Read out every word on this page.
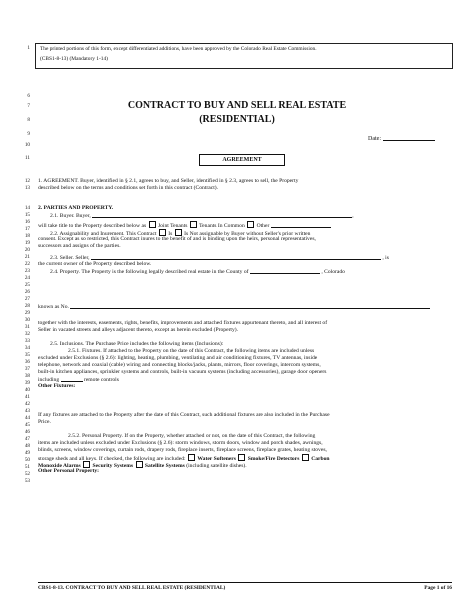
1
6
7
8
9
10
11
12
13
14
15
16
17
18
19
20
21
22
23
24
25
26
27
28
29
30
31
32
33
34
35
36
37
38
39
40
41
42
43
44
45
46
47
48
49
50
51
52
53
The printed portions of this form, except differentiated additions, have been approved by the Colorado Real Estate Commission.
(CBS1-8-13) (Mandatory 1-14)
CONTRACT TO BUY AND SELL REAL ESTATE
(RESIDENTIAL)
Date:
AGREEMENT
1. AGREEMENT. Buyer, identified in § 2.1, agrees to buy, and Seller, identified in § 2.3, agrees to sell, the Property
described below on the terms and conditions set forth in this contract (Contract).
2. PARTIES AND PROPERTY.
2.1. Buyer. Buyer,	,
will take title to the Property described below as Joint Tenants Tenants In Common Other
2.2. Assignability and Inurement. This Contract Is Is Not assignable by Buyer without Seller's prior written
consent. Except as so restricted, this Contract inures to the benefit of and is binding upon the heirs, personal representatives,
successors and assigns of the parties.
2.3. Seller. Seller,	, is
the current owner of the Property described below.
2.4. Property. The Property is the following legally described real estate in the County of	, Colorado
known as No.
together with the interests, easements, rights, benefits, improvements and attached fixtures appurtenant thereto, and all interest of
Seller in vacated streets and alleys adjacent thereto, except as herein excluded (Property).
2.5. Inclusions. The Purchase Price includes the following items (Inclusions):
2.5.1. Fixtures. If attached to the Property on the date of this Contract, the following items are included unless
excluded under Exclusions (§ 2.6): lighting, heating, plumbing, ventilating and air conditioning fixtures, TV antennas, inside
telephone, network and coaxial (cable) wiring and connecting blocks/jacks, plants, mirrors, floor coverings, intercom systems,
built-in kitchen appliances, sprinkler systems and controls, built-in vacuum systems (including accessories), garage door openers
including	remote controls
Other Fixtures:
If any fixtures are attached to the Property after the date of this Contract, such additional fixtures are also included in the Purchase
Price.
2.5.2. Personal Property. If on the Property, whether attached or not, on the date of this Contract, the following
items are included unless excluded under Exclusions (§ 2.6): storm windows, storm doors, window and porch shades, awnings,
blinds, screens, window coverings, curtain rods, drapery rods, fireplace inserts, fireplace screens, fireplace grates, heating stoves,
storage sheds and all keys. If checked, the following are included: Water Softeners Smoke/Fire Detectors Carbon
Monoxide Alarms Security Systems Satellite Systems (including satellite dishes).
Other Personal Property:
CBS1-8-13. CONTRACT TO BUY AND SELL REAL ESTATE (RESIDENTIAL)	Page 1 of 16
